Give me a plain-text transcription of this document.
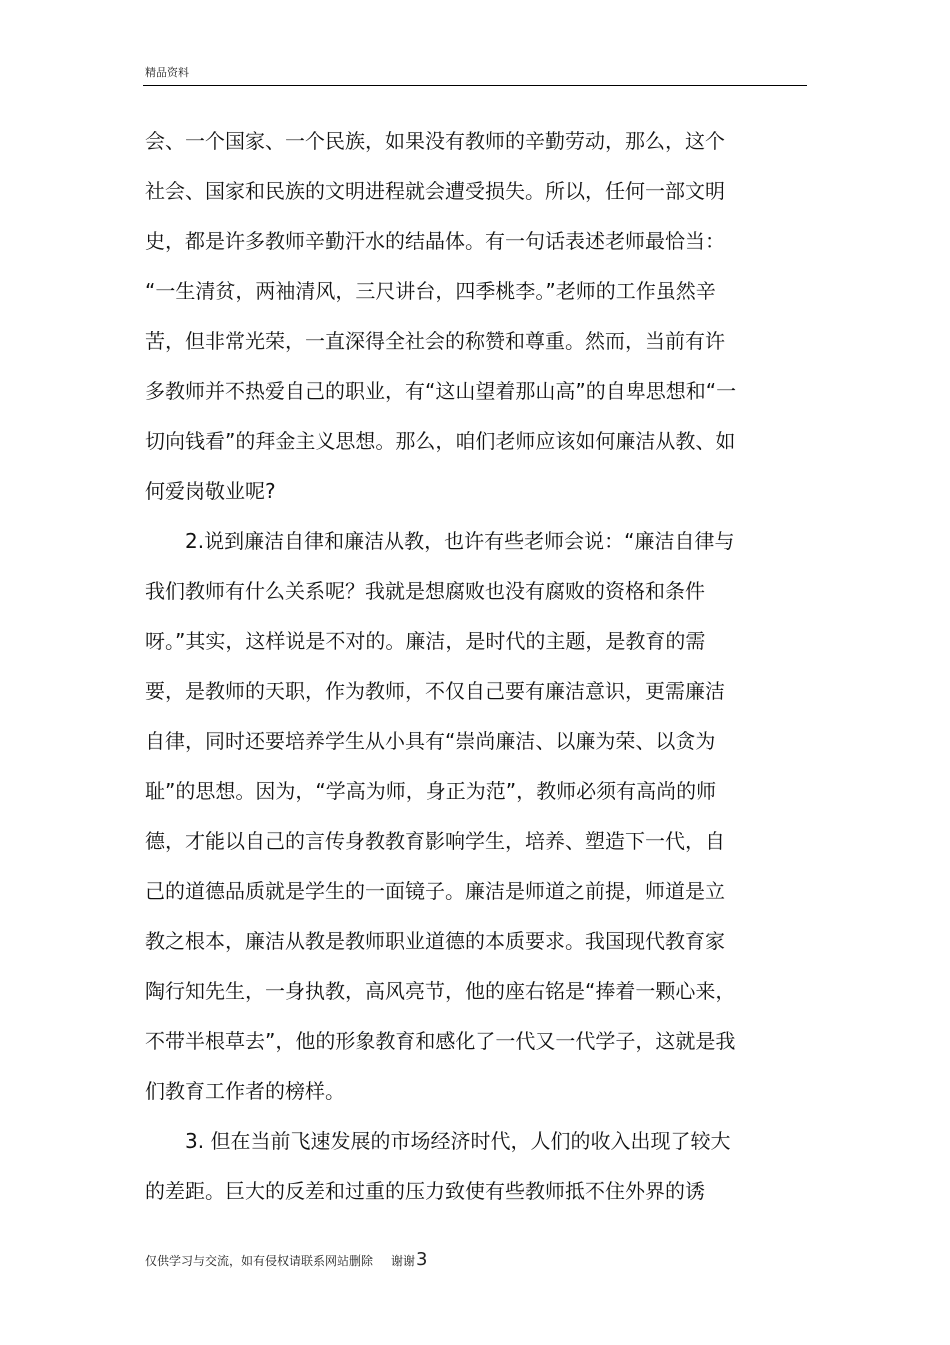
精品资料
会、一个国家、一个民族，如果没有教师的辛勤劳动，那么，这个
社会、国家和民族的文明进程就会遭受损失。所以，任何一部文明
史，都是许多教师辛勤汗水的结晶体。有一句话表述老师最恰当：
“一生清贫，两袖清风，三尺讲台，四季桃李。”老师的工作虽然辛
苦，但非常光荣，一直深得全社会的称赞和尊重。然而，当前有许
多教师并不热爱自己的职业，有“这山望着那山高”的自卑思想和“一
切向钱看”的拜金主义思想。那么，咱们老师应该如何廉洁从教、如
何爱岗敬业呢?
2.说到廉洁自律和廉洁从教，也许有些老师会说：“廉洁自律与
我们教师有什么关系呢？我就是想腐败也没有腐败的资格和条件
呀。”其实，这样说是不对的。廉洁，是时代的主题，是教育的需
要，是教师的天职，作为教师，不仅自己要有廉洁意识，更需廉洁
自律，同时还要培养学生从小具有“崇尚廉洁、以廉为荣、以贪为
耻”的思想。因为，“学高为师，身正为范”，教师必须有高尚的师
德，才能以自己的言传身教教育影响学生，培养、塑造下一代，自
己的道德品质就是学生的一面镜子。廉洁是师道之前提，师道是立
教之根本，廉洁从教是教师职业道德的本质要求。我国现代教育家
陶行知先生，一身执教，高风亮节，他的座右铭是“捧着一颗心来，
不带半根草去”，他的形象教育和感化了一代又一代学子，这就是我
们教育工作者的榜样。
3. 但在当前飞速发展的市场经济时代，人们的收入出现了较大
的差距。巨大的反差和过重的压力致使有些教师抵不住外界的诱
仅供学习与交流，如有侵权请联系网站删除 谢谢3
